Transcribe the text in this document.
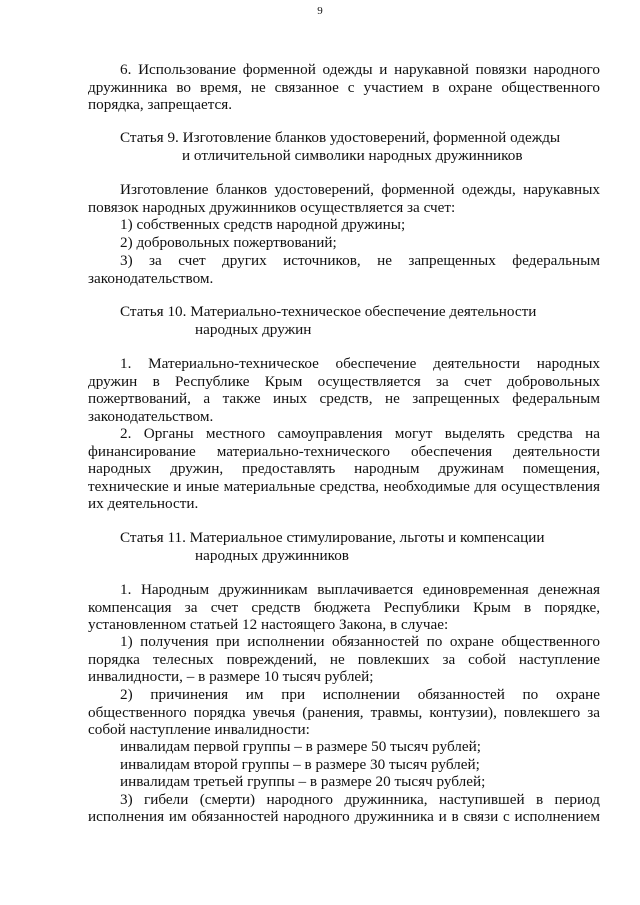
9
6. Использование форменной одежды и нарукавной повязки народного дружинника во время, не связанное с участием в охране общественного порядка, запрещается.
Статья 9. Изготовление бланков удостоверений, форменной одежды
и отличительной символики народных дружинников
Изготовление бланков удостоверений, форменной одежды, нарукавных повязок народных дружинников осуществляется за счет:
1) собственных средств народной дружины;
2) добровольных пожертвований;
3) за счет других источников, не запрещенных федеральным законодательством.
Статья 10. Материально-техническое обеспечение деятельности
народных дружин
1. Материально-техническое обеспечение деятельности народных дружин в Республике Крым осуществляется за счет добровольных пожертвований, а также иных средств, не запрещенных федеральным законодательством.
2. Органы местного самоуправления могут выделять средства на финансирование материально-технического обеспечения деятельности народных дружин, предоставлять народным дружинам помещения, технические и иные материальные средства, необходимые для осуществления их деятельности.
Статья 11. Материальное стимулирование, льготы и компенсации
народных дружинников
1. Народным дружинникам выплачивается единовременная денежная компенсация за счет средств бюджета Республики Крым в порядке, установленном статьей 12 настоящего Закона, в случае:
1) получения при исполнении обязанностей по охране общественного порядка телесных повреждений, не повлекших за собой наступление инвалидности, – в размере 10 тысяч рублей;
2) причинения им при исполнении обязанностей по охране общественного порядка увечья (ранения, травмы, контузии), повлекшего за собой наступление инвалидности:
инвалидам первой группы – в размере 50 тысяч рублей;
инвалидам второй группы – в размере 30 тысяч рублей;
инвалидам третьей группы – в размере 20 тысяч рублей;
3) гибели (смерти) народного дружинника, наступившей в период
исполнения им обязанностей народного дружинника и в связи с исполнением
